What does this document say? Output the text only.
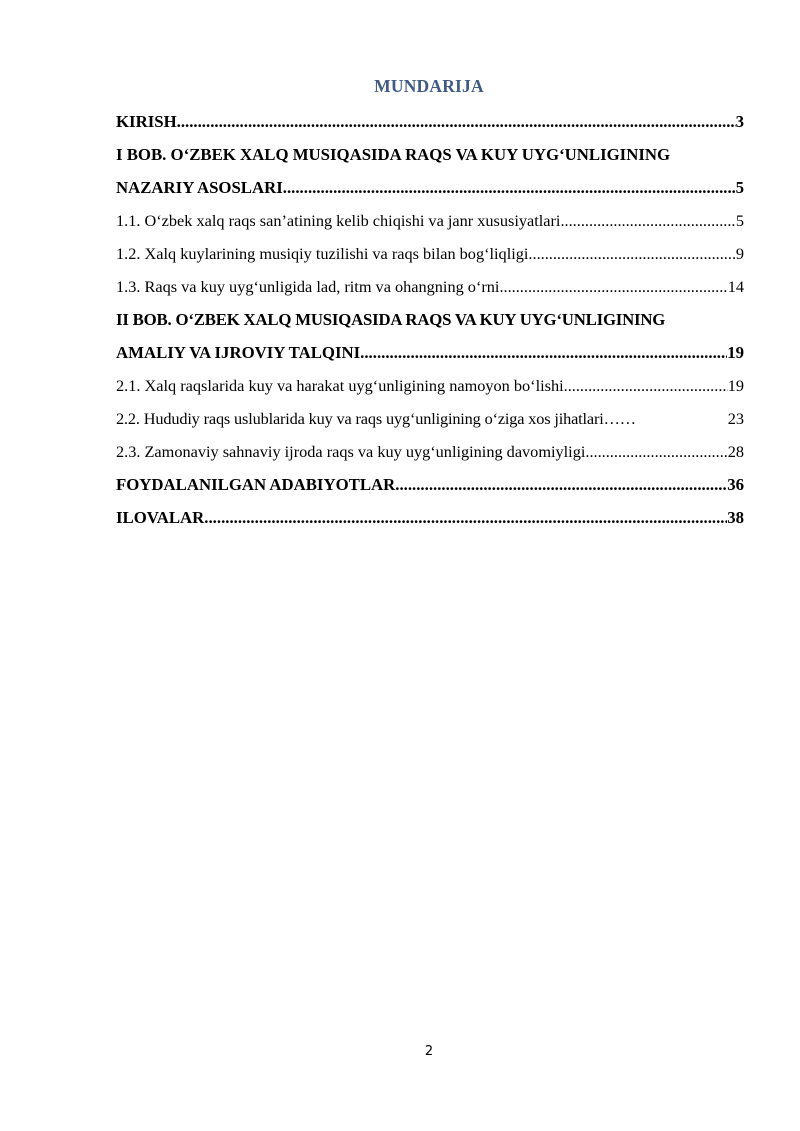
MUNDARIJA
KIRISH .....	3
I BOB. O‘ZBEK XALQ MUSIQASIDA RAQS VA KUY UYG‘UNLIGINING
NAZARIY ASOSLARI .....	5
1.1. O‘zbek xalq raqs san’atining kelib chiqishi va janr xususiyatlari .....	5
1.2. Xalq kuylarining musiqiy tuzilishi va raqs bilan bog‘liqligi .....	9
1.3. Raqs va kuy uyg‘unligida lad, ritm va ohangning o‘rni .....	14
II BOB. O‘ZBEK XALQ MUSIQASIDA RAQS VA KUY UYG‘UNLIGINING
AMALIY VA IJROVIY TALQINI .....	19
2.1. Xalq raqslarida kuy va harakat uyg‘unligining namoyon bo‘lishi .....	19
2.2. Hududiy raqs uslublarida kuy va raqs uyg‘unligining o‘ziga xos jihatlari……	23
2.3. Zamonaviy sahnaviy ijroda raqs va kuy uyg‘unligining davomiyligi .....	28
FOYDALANILGAN ADABIYOTLAR .....	36
ILOVALAR .....	38
2
